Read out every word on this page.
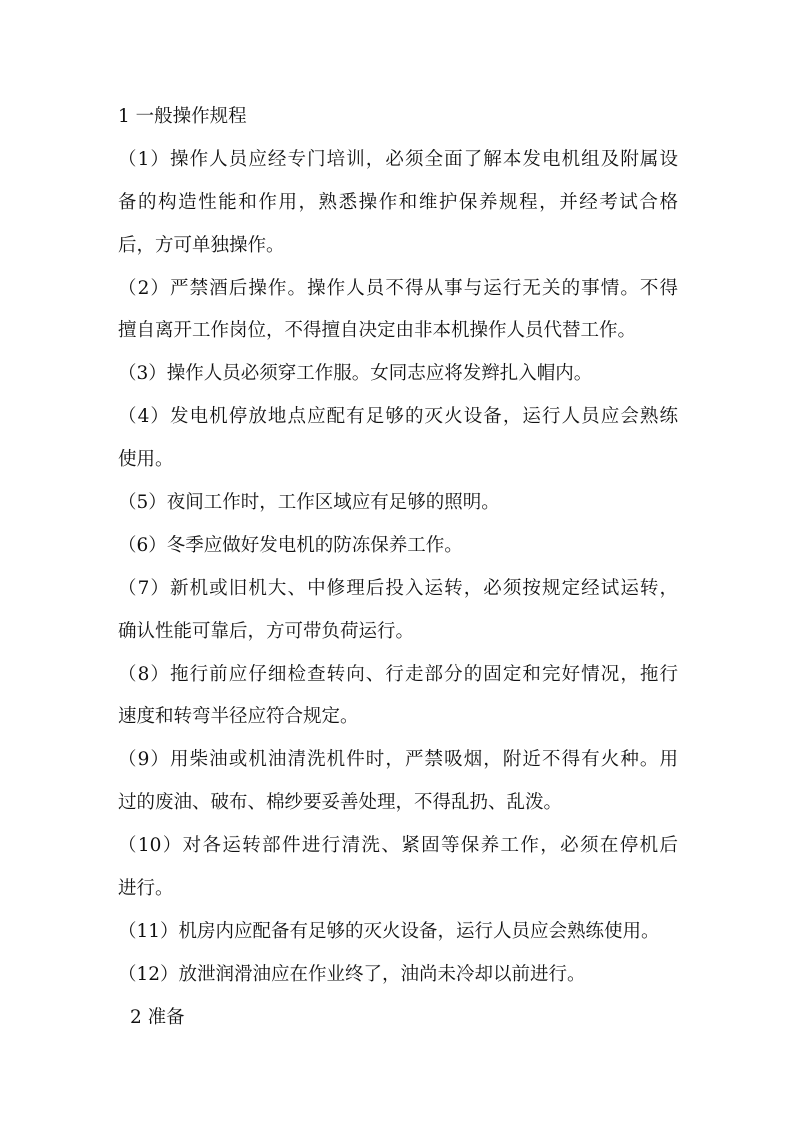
1 一般操作规程
（1）操作人员应经专门培训，必须全面了解本发电机组及附属设
备的构造性能和作用，熟悉操作和维护保养规程，并经考试合格
后，方可单独操作。
（2）严禁酒后操作。操作人员不得从事与运行无关的事情。不得
擅自离开工作岗位，不得擅自决定由非本机操作人员代替工作。
（3）操作人员必须穿工作服。女同志应将发辫扎入帽内。
（4）发电机停放地点应配有足够的灭火设备，运行人员应会熟练
使用。
（5）夜间工作时，工作区域应有足够的照明。
（6）冬季应做好发电机的防冻保养工作。
（7）新机或旧机大、中修理后投入运转，必须按规定经试运转，
确认性能可靠后，方可带负荷运行。
（8）拖行前应仔细检查转向、行走部分的固定和完好情况，拖行
速度和转弯半径应符合规定。
（9）用柴油或机油清洗机件时，严禁吸烟，附近不得有火种。用
过的废油、破布、棉纱要妥善处理，不得乱扔、乱泼。
（10）对各运转部件进行清洗、紧固等保养工作，必须在停机后
进行。
（11）机房内应配备有足够的灭火设备，运行人员应会熟练使用。
（12）放泄润滑油应在作业终了，油尚未冷却以前进行。
2 准备
